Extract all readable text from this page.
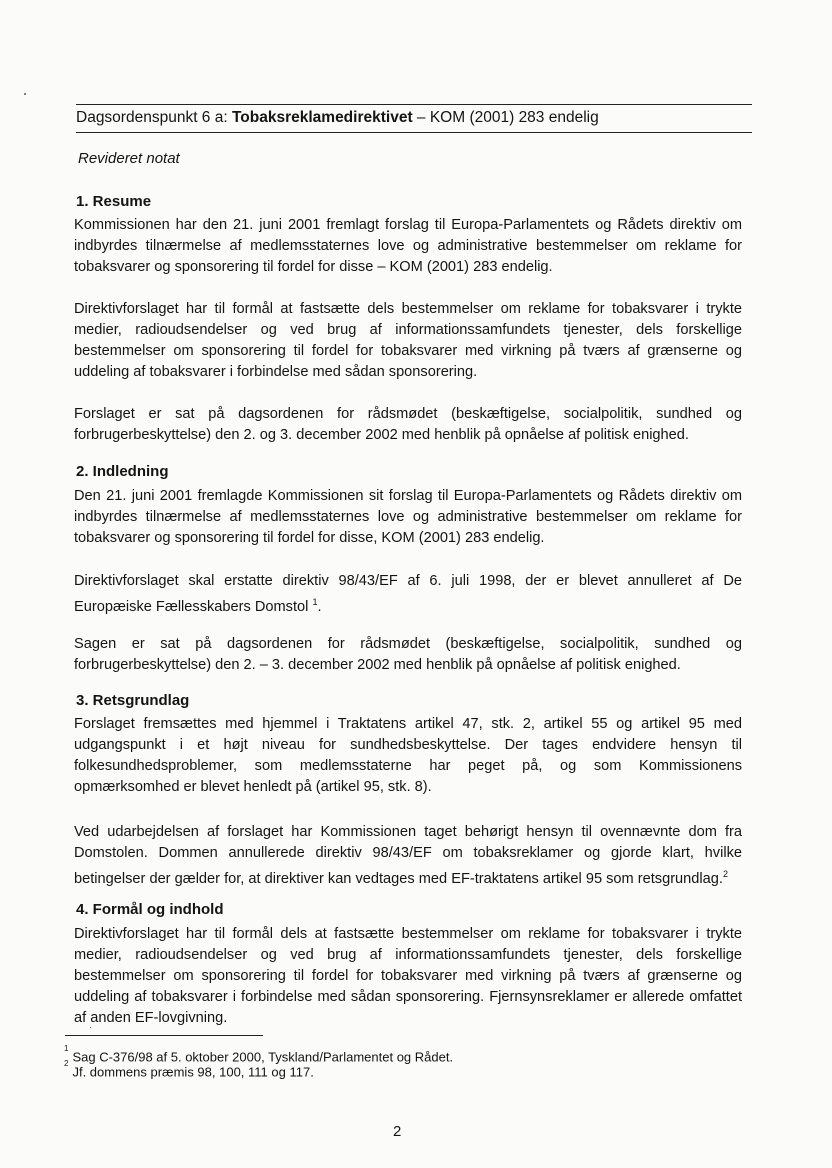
Dagsordenspunkt 6 a: Tobaksreklamedirektivet – KOM (2001) 283 endelig
Revideret notat
1. Resume
Kommissionen har den 21. juni 2001 fremlagt forslag til Europa-Parlamentets og Rådets direktiv om indbyrdes tilnærmelse af medlemsstaternes love og administrative bestemmelser om reklame for tobaksvarer og sponsorering til fordel for disse – KOM (2001) 283 endelig.
Direktivforslaget har til formål at fastsætte dels bestemmelser om reklame for tobaksvarer i trykte medier, radioudsendelser og ved brug af informationssamfundets tjenester, dels forskellige bestemmelser om sponsorering til fordel for tobaksvarer med virkning på tværs af grænserne og uddeling af tobaksvarer i forbindelse med sådan sponsorering.
Forslaget er sat på dagsordenen for rådsmødet (beskæftigelse, socialpolitik, sundhed og forbrugerbeskyttelse) den 2. og 3. december 2002 med henblik på opnåelse af politisk enighed.
2. Indledning
Den 21. juni 2001 fremlagde Kommissionen sit forslag til Europa-Parlamentets og Rådets direktiv om indbyrdes tilnærmelse af medlemsstaternes love og administrative bestemmelser om reklame for tobaksvarer og sponsorering til fordel for disse, KOM (2001) 283 endelig.
Direktivforslaget skal erstatte direktiv 98/43/EF af 6. juli 1998, der er blevet annulleret af De Europæiske Fællesskabers Domstol $^1$.
Sagen er sat på dagsordenen for rådsmødet (beskæftigelse, socialpolitik, sundhed og forbrugerbeskyttelse) den 2. – 3. december 2002 med henblik på opnåelse af politisk enighed.
3. Retsgrundlag
Forslaget fremsættes med hjemmel i Traktatens artikel 47, stk. 2, artikel 55 og artikel 95 med udgangspunkt i et højt niveau for sundhedsbeskyttelse. Der tages endvidere hensyn til folkesundhedsproblemer, som medlemsstaterne har peget på, og som Kommissionens opmærksomhed er blevet henledt på (artikel 95, stk. 8).
Ved udarbejdelsen af forslaget har Kommissionen taget behørigt hensyn til ovennævnte dom fra Domstolen. Dommen annullerede direktiv 98/43/EF om tobaksreklamer og gjorde klart, hvilke betingelser der gælder for, at direktiver kan vedtages med EF-traktatens artikel 95 som retsgrundlag.$^2$
4. Formål og indhold
Direktivforslaget har til formål dels at fastsætte bestemmelser om reklame for tobaksvarer i trykte medier, radioudsendelser og ved brug af informationssamfundets tjenester, dels forskellige bestemmelser om sponsorering til fordel for tobaksvarer med virkning på tværs af grænserne og uddeling af tobaksvarer i forbindelse med sådan sponsorering. Fjernsynsreklamer er allerede omfattet af anden EF-lovgivning.
$^1$Sag C-376/98 af 5. oktober 2000, Tyskland/Parlamentet og Rådet.
$^2$Jf. dommens præmis 98, 100, 111 og 117.
2
